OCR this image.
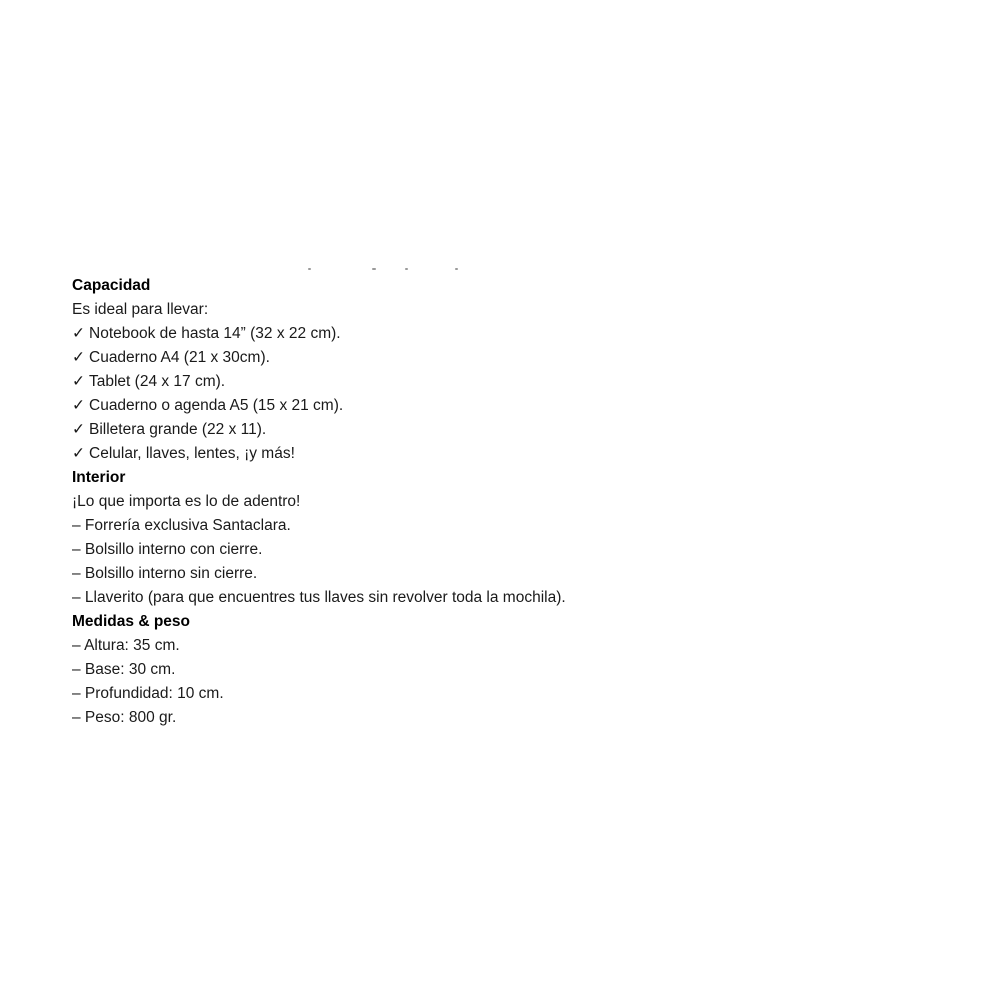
Capacidad
Es ideal para llevar:
✓ Notebook de hasta 14” (32 x 22 cm).
✓ Cuaderno A4 (21 x 30cm).
✓ Tablet (24 x 17 cm).
✓ Cuaderno o agenda A5 (15 x 21 cm).
✓ Billetera grande (22 x 11).
✓ Celular, llaves, lentes, ¡y más!
Interior
¡Lo que importa es lo de adentro!
– Forrería exclusiva Santaclara.
– Bolsillo interno con cierre.
– Bolsillo interno sin cierre.
– Llaverito (para que encuentres tus llaves sin revolver toda la mochila).
Medidas & peso
– Altura: 35 cm.
– Base: 30 cm.
– Profundidad: 10 cm.
– Peso: 800 gr.
